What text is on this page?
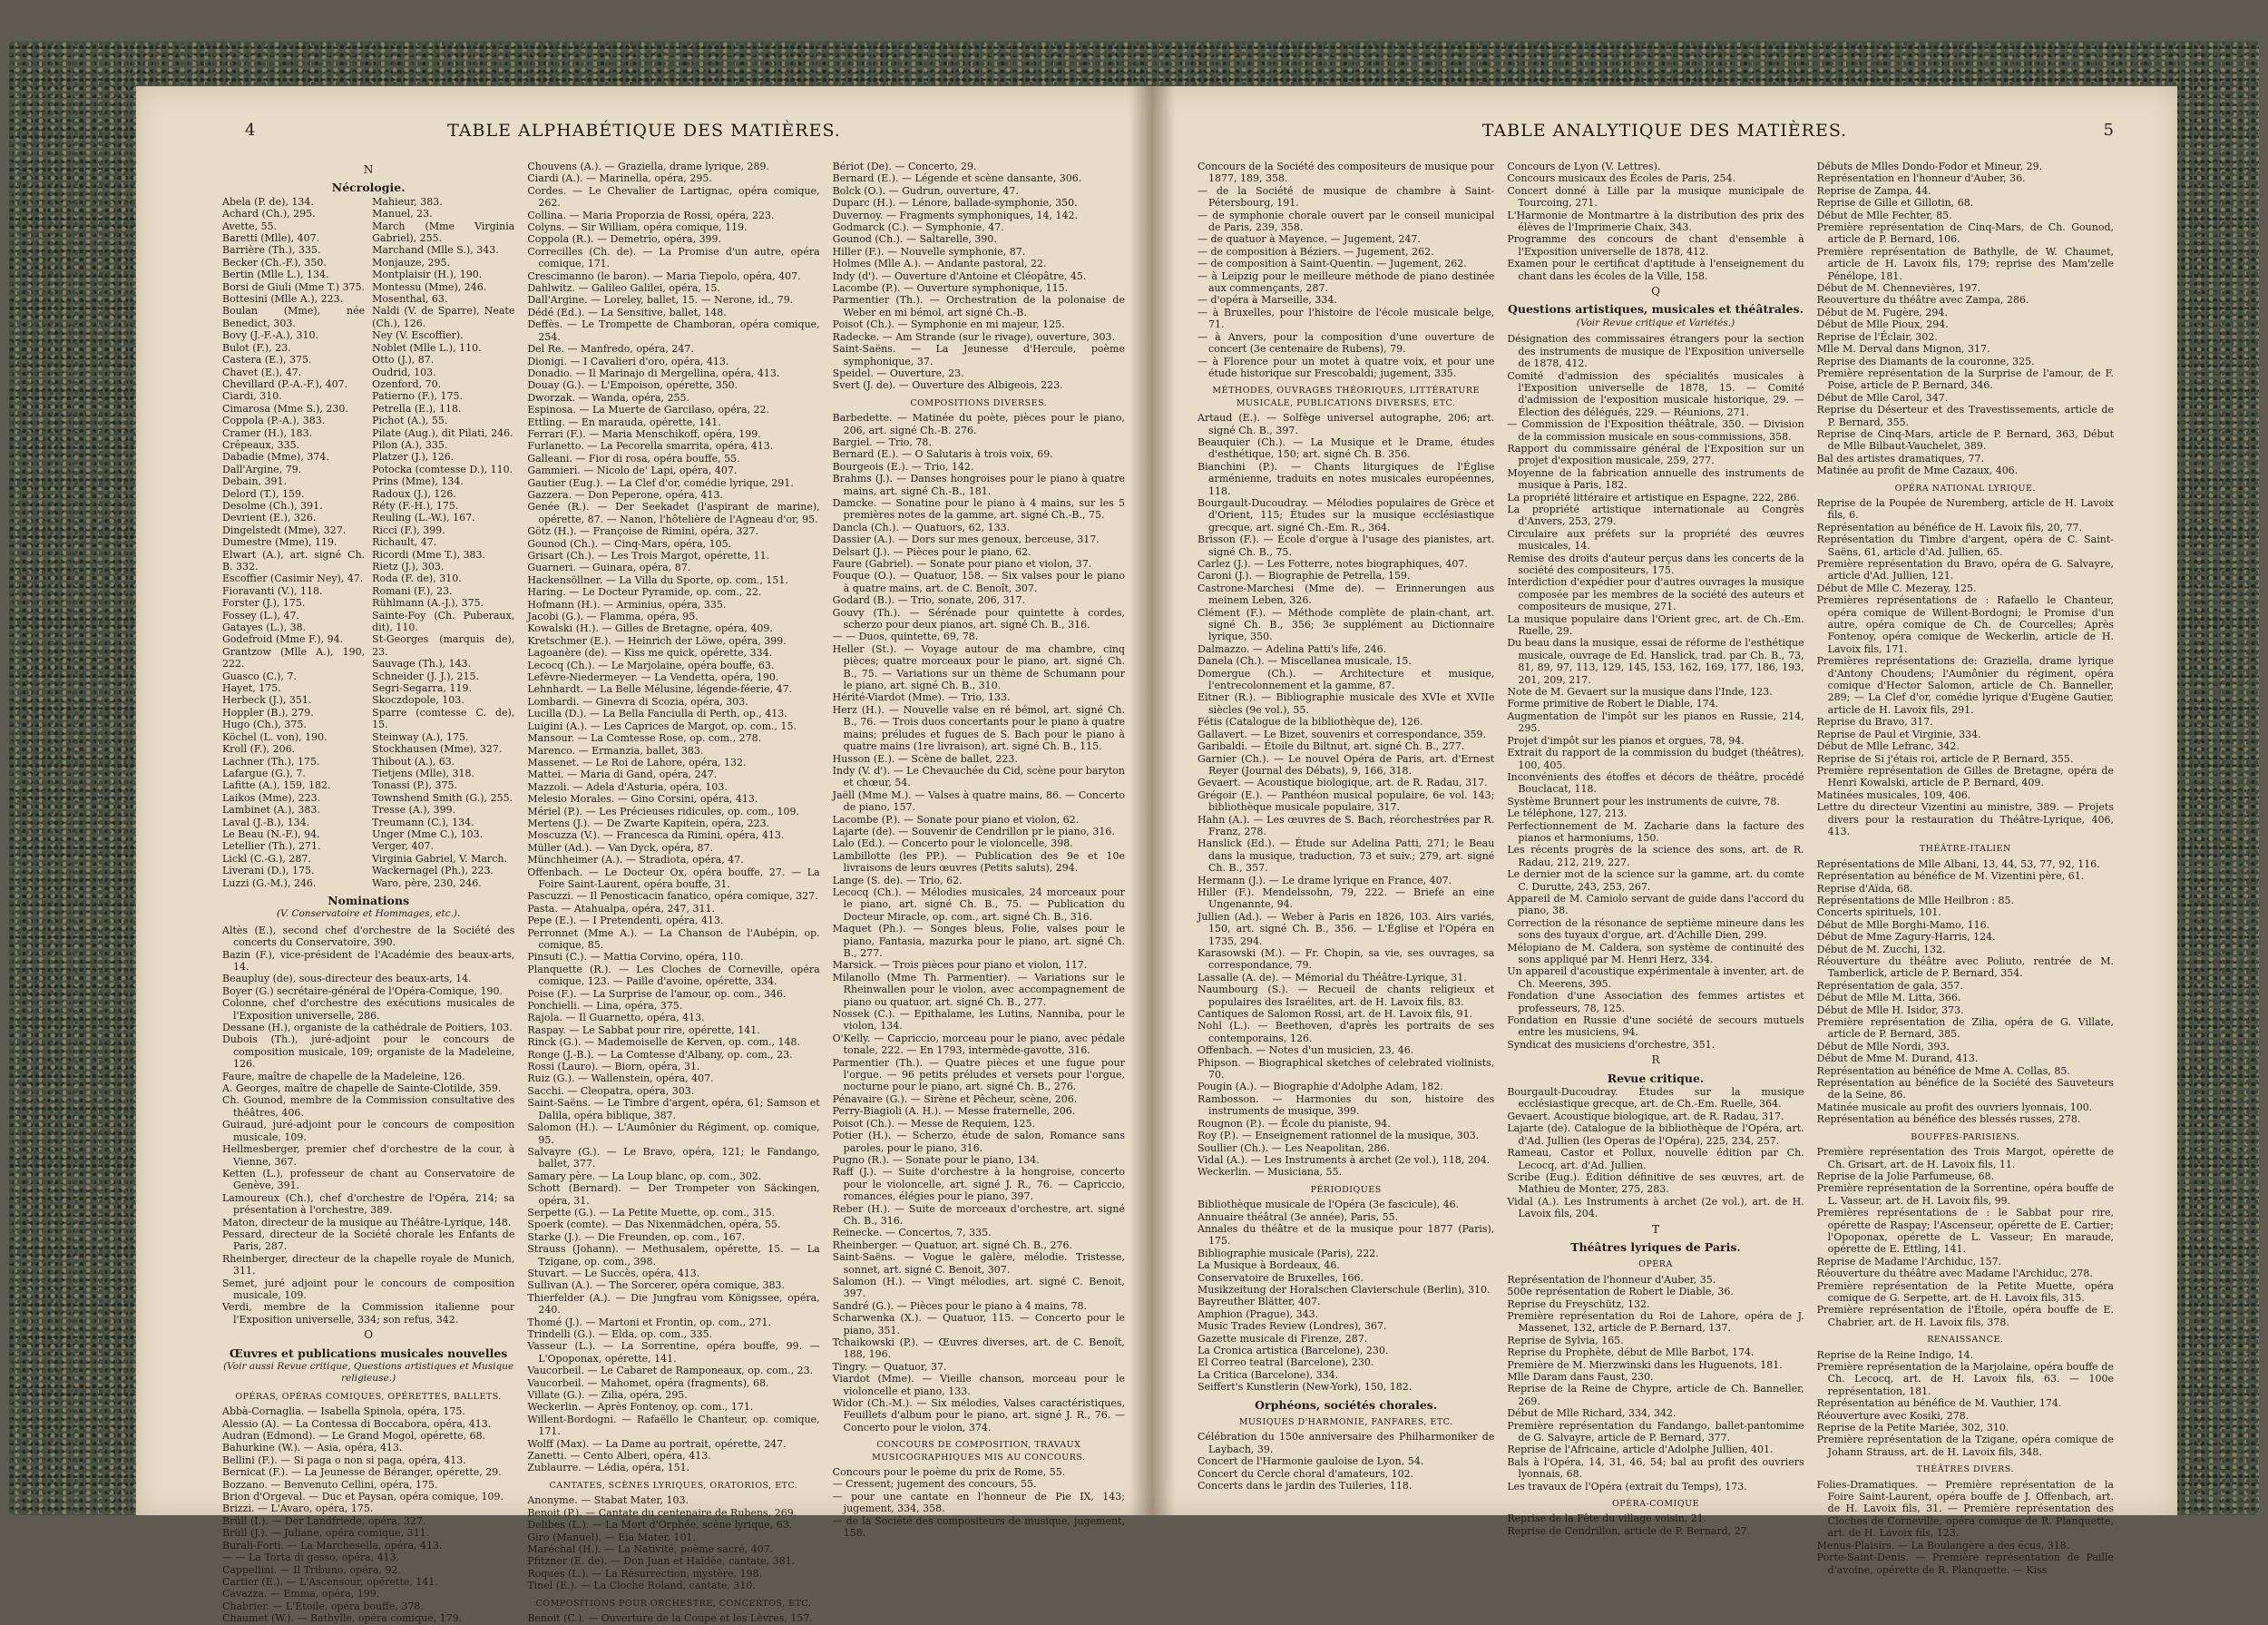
4	TABLE ALPHABÉTIQUE DES MATIÈRES.
N
Nécrologie.

Abela (P. de), 134.

Achard (Ch.), 295.

Avette, 55.

Baretti (Mlle), 407.

Barrière (Th.), 335.

Becker (Ch.-F.), 350.

Bertin (Mlle L.), 134.

Borsi de Giuli (Mme T.) 375.

Bottesini (Mlle A.), 223.

Boulan (Mme), née Benedict, 303.

Bovy (J.-F.-A.), 310.

Bulot (F.), 23.

Castera (E.), 375.

Chavet (E.), 47.

Chevillard (P.-A.-F.), 407.

Ciardi, 310.

Cimarosa (Mme S.), 230.

Coppola (P.-A.), 383.

Cramer (H.), 183.

Crépeaux, 335.

Dabadie (Mme), 374.

Dall'Argine, 79.

Debain, 391.

Delord (T.), 159.

Desolme (Ch.), 391.

Devrient (E.), 326.

Dingelstedt (Mme), 327.

Dumestre (Mme), 119.

Elwart (A.), art. signé Ch. B. 332.

Escoffier (Casimir Ney), 47.

Fioravanti (V.), 118.

Forster (J.), 175.

Fossey (L.), 47.

Gatayes (L.), 38.

Godefroid (Mme F.), 94.

Grantzow (Mlle A.), 190, 222.

Guasco (C.), 7.

Hayet, 175.

Herbeck (J.), 351.

Hoppler (B.), 279.

Hugo (Ch.), 375.

Köchel (L. von), 190.

Kroll (F.), 206.

Lachner (Th.), 175.

Lafargue (G.), 7.

Lafitte (A.), 159, 182.

Laikos (Mme), 223.

Lambinet (A.), 383.

Laval (J.-B.), 134.

Le Beau (N.-F.), 94.

Letellier (Th.), 271.

Lickl (C.-G.), 287.

Liverani (D.), 175.

Luzzi (G.-M.), 246.

Mahieur, 383.

Manuel, 23.

March (Mme Virginia Gabriel), 255.

Marchand (Mlle S.), 343.

Monjauze, 295.

Montplaisir (H.), 190.

Montessu (Mme), 246.

Mosenthal, 63.

Naldi (V. de Sparre), Neate (Ch.), 126.

Ney (V. Escoffier).

Noblet (Mlle L.), 110.

Otto (J.), 87.

Oudrid, 103.

Ozenford, 70.

Patierno (F.), 175.

Petrella (E.), 118.

Pichot (A.), 55.

Pilate (Aug.), dit Pilati, 246.

Pilon (A.), 335.

Platzer (J.), 126.

Potocka (comtesse D.), 110.

Prins (Mme), 134.

Radoux (J.), 126.

Réty (F.-H.), 175.

Reuling (L.-W.), 167.

Ricci (F.), 399.

Richault, 47.

Ricordi (Mme T.), 383.

Rietz (J.), 303.

Roda (F. de), 310.

Romani (F.), 23.

Rühlmann (A.-J.), 375.

Sainte-Foy (Ch. Puberaux, dit), 110.

St-Georges (marquis de), 23.

Sauvage (Th.), 143.

Schneider (J. J.), 215.

Segri-Segarra, 119.

Skoczdopole, 103.

Sparre (comtesse C. de), 15.

Steinway (A.), 175.

Stockhausen (Mme), 327.

Thibout (A.), 63.

Tietjens (Mlle), 318.

Tonassi (P.), 375.

Townshend Smith (G.), 255.

Tresse (A.), 399.

Treumann (C.), 134.

Unger (Mme C.), 103.

Verger, 407.

Virginia Gabriel, V. March.

Wackernagel (Ph.), 223.

Waro, père, 230, 246.

Nominations
(V. Conservatoire et Hommages, etc.).

Altès (E.), second chef d'orchestre de la Société des concerts du Conservatoire, 390.

Bazin (F.), vice-président de l'Académie des beaux-arts, 14.

Beaupluy (de), sous-directeur des beaux-arts, 14.

Boyer (G.) secrétaire-général de l'Opéra-Comique, 190.

Colonne, chef d'orchestre des exécutions musicales de l'Exposition universelle, 286.

Dessane (H.), organiste de la cathédrale de Poitiers, 103.

Dubois (Th.), juré-adjoint pour le concours de composition musicale, 109; organiste de la Madeleine, 126.

Faure, maître de chapelle de la Madeleine, 126.

A. Georges, maître de chapelle de Sainte-Clotilde, 359.

Ch. Gounod, membre de la Commission consultative des théâtres, 406.

Guiraud, juré-adjoint pour le concours de composition musicale, 109.

Hellmesberger, premier chef d'orchestre de la cour, à Vienne, 367.

Ketten (L.), professeur de chant au Conservatoire de Genève, 391.

Lamoureux (Ch.), chef d'orchestre de l'Opéra, 214; sa présentation à l'orchestre, 389.

Maton, directeur de la musique au Théâtre-Lyrique, 148.

Pessard, directeur de la Société chorale les Enfants de Paris, 287.

Rheinberger, directeur de la chapelle royale de Munich, 311.

Semet, juré adjoint pour le concours de composition musicale, 109.

Verdi, membre de la Commission italienne pour l'Exposition universelle, 334; son refus, 342.

O
Œuvres et publications musicales nouvelles
(Voir aussi Revue critique, Questions artistiques et Musique religieuse.)
OPÉRAS, OPÉRAS COMIQUES, OPÉRETTES, BALLETS.

Abbà-Cornaglia. — Isabella Spinola, opéra, 175.

Alessio (A). — La Contessa di Boccabora, opéra, 413.

Audran (Edmond). — Le Grand Mogol, opérette, 68.

Bahurkine (W.). — Asia, opéra, 413.

Bellini (F.). — Si paga o non si paga, opéra, 413.

Bernicat (F.). — La Jeunesse de Béranger, opérette, 29.

Bozzano. — Benvenuto Cellini, opéra, 175.

Brion d'Orgeval. — Duc et Paysan, opéra comique, 109.

Brizzi. — L'Avaro, opéra, 175.

Brüll (I.). — Der Landfriede, opéra, 327.

Brüll (J.). — Juliane, opéra comique, 311.

Burali-Forti. — La Marchesella, opéra, 413.

— — La Torta di gesso, opéra, 413.

Cappellini. — Il Tribuno, opéra, 92.

Cartier (E.). — L'Ascensour, opérette, 141.

Cavazza. — Emma, opéra, 199.

Chabrier. — L'Étoile, opéra bouffe, 378.

Chaumet (W.). — Bathylle, opéra comique, 179.

Chouvens (A.). — Graziella, drame lyrique, 289.

Ciardi (A.). — Marinella, opéra, 295.

Cordes. — Le Chevalier de Lartignac, opéra comique, 262.

Collina. — Maria Proporzia de Rossi, opéra, 223.

Colyns. — Sir William, opéra comique, 119.

Coppola (R.). — Demetrio, opéra, 399.

Correcilles (Ch. de). — La Promise d'un autre, opéra comique, 171.

Crescimanno (le baron). — Maria Tiepolo, opéra, 407.

Dahlwitz. — Galileo Galilei, opéra, 15.

Dall'Argine. — Loreley, ballet, 15. — Nerone, id., 79.

Dédé (Ed.). — La Sensitive, ballet, 148.

Deffès. — Le Trompette de Chamboran, opéra comique, 254.

Del Re. — Manfredo, opéra, 247.

Dionigi. — I Cavalieri d'oro, opéra, 413.

Donadio. — Il Marinajo di Mergellina, opéra, 413.

Douay (G.). — L'Empoison, opérette, 350.

Dworzak. — Wanda, opéra, 255.

Espinosa. — La Muerte de Garcilaso, opéra, 22.

Ettling. — En marauda, opérette, 141.

Ferrari (F.). — Maria Menschikoff, opéra, 199.

Furlanetto. — La Pecorella smarrita, opéra, 413.

Galleani. — Fior di rosa, opéra bouffe, 55.

Gammieri. — Nicolo de' Lapi, opéra, 407.

Gautier (Eug.). — La Clef d'or, comédie lyrique, 291.

Gazzera. — Don Peperone, opéra, 413.

Genée (R.). — Der Seekadet (l'aspirant de marine), opérette, 87. — Nanon, l'hôtelière de l'Agneau d'or, 95.

Götz (H.). — Françoise de Rimini, opéra, 327.

Gounod (Ch.). — Cinq-Mars, opéra, 105.

Grisart (Ch.). — Les Trois Margot, opérette, 11.

Guarneri. — Guinara, opéra, 87.

Hackensöllner. — La Villa du Sporte, op. com., 151.

Haring. — Le Docteur Pyramide, op. com., 22.

Hofmann (H.). — Arminius, opéra, 335.

Jacobi (G.). — Flamma, opéra, 95.

Kowalski (H.). — Gilles de Bretagne, opéra, 409.

Kretschmer (E.). — Heinrich der Löwe, opéra, 399.

Lagoanère (de). — Kiss me quick, opérette, 334.

Lecocq (Ch.). — Le Marjolaine, opéra bouffe, 63.

Lefèvre-Niedermeyer. — La Vendetta, opéra, 190.

Lehnhardt. — La Belle Mélusine, légende-féerie, 47.

Lombardi. — Ginevra di Scozia, opéra, 303.

Lucilla (D.). — La Bella Fanciulla di Perth, op., 413.

Luigini (A.). — Les Caprices de Margot, op. com., 15.

Mansour. — La Comtesse Rose, op. com., 278.

Marenco. — Ermanzia, ballet, 383.

Massenet. — Le Roi de Lahore, opéra, 132.

Mattei. — Maria di Gand, opéra, 247.

Mazzoli. — Adela d'Asturia, opéra, 103.

Melesio Morales. — Gino Corsini, opéra, 413.

Mériel (P.). — Les Précieuses ridicules, op. com., 109.

Mertens (J.). — De Zwarte Kapitein, opéra, 223.

Moscuzza (V.). — Francesca da Rimini, opéra, 413.

Müller (Ad.). — Van Dyck, opéra, 87.

Münchheimer (A.). — Stradiota, opéra, 47.

Offenbach. — Le Docteur Ox, opéra bouffe, 27. — La Foire Saint-Laurent, opéra bouffe, 31.

Pascuzzi. — Il Penosticacin fanatico, opéra comique, 327.

Pasta. — Atahualpa, opéra, 247, 311.

Pepe (E.). — I Pretendenti, opéra, 413.

Perronnet (Mme A.). — La Chanson de l'Aubépin, op. comique, 85.

Pinsuti (C.). — Mattia Corvino, opéra, 110.

Planquette (R.). — Les Cloches de Corneville, opéra comique, 123. — Paille d'avoine, opérette, 334.

Poise (F.). — La Surprise de l'amour, op. com., 346.

Ponchielli. — Lina, opéra, 375.

Rajola. — Il Guarnetto, opéra, 413.

Raspay. — Le Sabbat pour rire, opérette, 141.

Rinck (G.). — Mademoiselle de Kerven, op. com., 148.

Ronge (J.-B.). — La Comtesse d'Albany, op. com., 23.

Rossi (Lauro). — Biorn, opéra, 31.

Ruiz (G.). — Wallenstein, opéra, 407.

Sacchi. — Cleopatra, opéra, 303.

Saint-Saëns. — Le Timbre d'argent, opéra, 61; Samson et Dalila, opéra biblique, 387.

Salomon (H.). — L'Aumônier du Régiment, op. comique, 95.

Salvayre (G.). — Le Bravo, opéra, 121; le Fandango, ballet, 377.

Samary père. — La Loup blanc, op. com., 302.

Schott (Bernard). — Der Trompeter von Säckingen, opéra, 31.

Serpette (G.). — La Petite Muette, op. com., 315.

Spoerk (comte). — Das Nixenmädchen, opéra, 55.

Starke (J.). — Die Freunden, op. com., 167.

Strauss (Johann). — Methusalem, opérette, 15. — La Tzigane, op. com., 398.

Stuvart. — Le Succès, opéra, 413.

Sullivan (A.). — The Sorcerer, opéra comique, 383.

Thierfelder (A.). — Die Jungfrau vom Königssee, opéra, 240.

Thomé (J.). — Martoni et Frontin, op. com., 271.

Trindelli (G.). — Elda, op. com., 335.

Vasseur (L.). — La Sorrentine, opéra bouffe, 99. — L'Opoponax, opérette, 141.

Vaucorbeil. — Le Cabaret de Ramponeaux, op. com., 23.

Vaucorbeil. — Mahomet, opéra (fragments), 68.

Villate (G.). — Zilia, opéra, 295.

Weckerlin. — Après Fontenoy, op. com., 171.

Willent-Bordogni. — Rafaëllo le Chanteur, op. comique, 171.

Wolff (Max). — La Dame au portrait, opérette, 247.

Zanetti. — Cento Alberi, opéra, 413.

Zublaurre. — Lédia, opéra, 151.

CANTATES, SCÈNES LYRIQUES, ORATORIOS, ETC.

Anonyme. — Stabat Mater, 103.

Benoit (P.). — Cantate du centenaire de Rubens, 269.

Delibes (L.). — La Mort d'Orphée, scène lyrique, 63.

Giro (Manuel). — Eia Mater, 101.

Maréchal (H.). — La Nativité, poème sacré, 407.

Pfitzner (E. de). — Don Juan et Haïdée, cantate, 381.

Roques (L.). — La Résurrection, mystère, 198.

Tinel (E.). — La Cloche Roland, cantate, 310.

COMPOSITIONS POUR ORCHESTRE, CONCERTOS, ETC.

Benoit (C.). — Ouverture de la Coupe et les Lèvres, 157.

Bériot (De). — Concerto, 29.

Bernard (E.). — Légende et scène dansante, 306.

Bolck (O.). — Gudrun, ouverture, 47.

Duparc (H.). — Lénore, ballade-symphonie, 350.

Duvernoy. — Fragments symphoniques, 14, 142.

Godmarck (C.). — Symphonie, 47.

Gounod (Ch.). — Saltarelle, 390.

Hiller (F.). — Nouvelle symphonie, 87.

Holmes (Mlle A.). — Andante pastoral, 22.

Indy (d'). — Ouverture d'Antoine et Cléopâtre, 45.

Lacombe (P.). — Ouverture symphonique, 115.

Parmentier (Th.). — Orchestration de la polonaise de Weber en mi bémol, art signé Ch.-B.

Poisot (Ch.). — Symphonie en mi majeur, 125.

Radecke. — Am Strande (sur le rivage), ouverture, 303.

Saint-Saëns. — La Jeunesse d'Hercule, poème symphonique, 37.

Speidel. — Ouverture, 23.

Svert (J. de). — Ouverture des Albigeois, 223.

COMPOSITIONS DIVERSES.

Barbedette. — Matinée du poète, pièces pour le piano, 206, art. signé Ch.-B. 276.

Bargiel. — Trio, 78.

Bernard (E.). — O Salutaris à trois voix, 69.

Bourgeois (E.). — Trio, 142.

Brahms (J.). — Danses hongroises pour le piano à quatre mains, art. signé Ch.-B., 181.

Damcke. — Sonatine pour le piano à 4 mains, sur les 5 premières notes de la gamme, art. signé Ch.-B., 75.

Dancla (Ch.). — Quatuors, 62, 133.

Dassier (A.). — Dors sur mes genoux, berceuse, 317.

Delsart (J.). — Pièces pour le piano, 62.

Faure (Gabriel). — Sonate pour piano et violon, 37.

Fouque (O.). — Quatuor, 158. — Six valses pour le piano à quatre mains, art. de C. Benoît, 307.

Godard (B.). — Trio, sonate, 206, 317.

Gouvy (Th.). — Sérénade pour quintette à cordes, scherzo pour deux pianos, art. signé Ch. B., 316.

— — Duos, quintette, 69, 78.

Heller (St.). — Voyage autour de ma chambre, cinq pièces; quatre morceaux pour le piano, art. signé Ch. B., 75. — Variations sur un thème de Schumann pour le piano, art. signé Ch. B., 310.

Hérité-Viardot (Mme). — Trio, 133.

Herz (H.). — Nouvelle valse en ré bémol, art. signé Ch. B., 76. — Trois duos concertants pour le piano à quatre mains; préludes et fugues de S. Bach pour le piano à quatre mains (1re livraison), art. signé Ch. B., 115.

Husson (E.). — Scène de ballet, 223.

Indy (V. d'). — Le Chevauchée du Cid, scène pour baryton et chœur, 54.

Jaëll (Mme M.). — Valses à quatre mains, 86. — Concerto de piano, 157.

Lacombe (P.). — Sonate pour piano et violon, 62.

Lajarte (de). — Souvenir de Cendrillon pr le piano, 316.

Lalo (Ed.). — Concerto pour le violoncelle, 398.

Lambillotte (les PP.). — Publication des 9e et 10e livraisons de leurs œuvres (Petits saluts), 294.

Lange (S. de). — Trio, 62.

Lecocq (Ch.). — Mélodies musicales, 24 morceaux pour le piano, art. signé Ch. B., 75. — Publication du Docteur Miracle, op. com., art. signé Ch. B., 316.

Maquet (Ph.). — Songes bleus, Folie, valses pour le piano, Fantasia, mazurka pour le piano, art. signé Ch. B., 277.

Marsick. — Trois pièces pour piano et violon, 117.

Milanollo (Mme Th. Parmentier). — Variations sur le Rheinwallen pour le violon, avec accompagnement de piano ou quatuor, art. signé Ch. B., 277.

Nossek (C.). — Epithalame, les Lutins, Nanniba, pour le violon, 134.

O'Kelly. — Capriccio, morceau pour le piano, avec pédale tonale, 222. — En 1793, intermède-gavotte, 316.

Parmentier (Th.). — Quatre pièces et une fugue pour l'orgue. — 96 petits préludes et versets pour l'orgue, nocturne pour le piano, art. signé Ch. B., 276.

Pénavaire (G.). — Sirène et Pêcheur, scène, 206.

Perry-Biagioli (A. H.). — Messe fraternelle, 206.

Poisot (Ch.). — Messe de Requiem, 125.

Potier (H.). — Scherzo, étude de salon, Romance sans paroles, pour le piano, 316.

Pugno (R.). — Sonate pour le piano, 134.

Raff (J.). — Suite d'orchestre à la hongroise, concerto pour le violoncelle, art. signé J. R., 76. — Capriccio, romances, élégies pour le piano, 397.

Reber (H.). — Suite de morceaux d'orchestre, art. signé Ch. B., 316.

Reinecke. — Concertos, 7, 335.

Rheinberger. — Quatuor, art. signé Ch. B., 276.

Saint-Saëns. — Vogue le galère, mélodie. Tristesse, sonnet, art. signé C. Benoit, 307.

Salomon (H.). — Vingt mélodies, art. signé C. Benoit, 397.

Sandré (G.). — Pièces pour le piano à 4 mains, 78.

Scharwenka (X.). — Quatuor, 115. — Concerto pour le piano, 351.

Tchaikowski (P.). — Œuvres diverses, art. de C. Benoît, 188, 196.

Tingry. — Quatuor, 37.

Viardot (Mme). — Vieille chanson, morceau pour le violoncelle et piano, 133.

Widor (Ch.-M.). — Six mélodies, Valses caractéristiques, Feuillets d'album pour le piano, art. signé J. R., 76. — Concerto pour le violon, 374.

CONCOURS DE COMPOSITION, TRAVAUX MUSICOGRAPHIQUES MIS AU CONCOURS.

Concours pour le poème du prix de Rome, 55.

— Cressent; jugement des concours, 55.

— pour une cantate en l'honneur de Pie IX, 143; jugement, 334, 358.

— de la Société des compositeurs de musique, jugement, 158.

5
TABLE ANALYTIQUE DES MATIÈRES.

Concours de la Société des compositeurs de musique pour 1877, 189, 358.

— de la Société de musique de chambre à Saint-Pétersbourg, 191.

— de symphonie chorale ouvert par le conseil municipal de Paris, 239, 358.

— de quatuor à Mayence. — Jugement, 247.

— de composition à Béziers. — Jugement, 262.

— de composition à Saint-Quentin. — Jugement, 262.

— à Leipzig pour le meilleure méthode de piano destinée aux commençants, 287.

— d'opéra à Marseille, 334.

— à Bruxelles, pour l'histoire de l'école musicale belge, 71.

— à Anvers, pour la composition d'une ouverture de concert (3e centenaire de Rubens), 79.

— à Florence pour un motet à quatre voix, et pour une étude historique sur Frescobaldi; jugement, 335.

MÉTHODES, OUVRAGES THÉORIQUES, LITTÉRATURE MUSICALE, PUBLICATIONS DIVERSES, ETC.

Artaud (E.). — Solfège universel autographe, 206; art. signé Ch. B., 397.

Beauquier (Ch.). — La Musique et le Drame, études d'esthétique, 150; art. signé Ch. B. 356.

Bianchini (P.). — Chants liturgiques de l'Église arménienne, traduits en notes musicales européennes, 118.

Bourgault-Ducoudray. — Mélodies populaires de Grèce et d'Orient, 115; Études sur la musique ecclésiastique grecque, art. signé Ch.-Em. R., 364.

Brisson (F.). — École d'orgue à l'usage des pianistes, art. signé Ch. B., 75.

Carlez (J.). — Les Fotterre, notes biographiques, 407.

Caroni (J.). — Biographie de Petrella, 159.

Castrone-Marchesi (Mme de). — Erinnerungen aus meinem Leben, 326.

Clément (F.). — Méthode complète de plain-chant, art. signé Ch. B., 356; 3e supplément au Dictionnaire lyrique, 350.

Dalmazzo. — Adelina Patti's life, 246.

Danela (Ch.). — Miscellanea musicale, 15.

Domergue (Ch.). — Architecture et musique, l'entrecolonnement et la gamme, 87.

Eitner (R.). — Bibliographie musicale des XVIe et XVIIe siècles (9e vol.), 55.

Fétis (Catalogue de la bibliothèque de), 126.

Gallavert. — Le Bizet, souvenirs et correspondance, 359.

Garibaldi. — Étoile du Biltnut, art. signé Ch. B., 277.

Garnier (Ch.). — Le nouvel Opéra de Paris, art. d'Ernest Reyer (Journal des Débats), 9, 166, 318.

Gevaert. — Acoustique biologique, art. de R. Radau, 317.

Grégoir (E.). — Panthéon musical populaire, 6e vol. 143; bibliothèque musicale populaire, 317.

Hahn (A.). — Les œuvres de S. Bach, réorchestrées par R. Franz, 278.

Hanslick (Ed.). — Étude sur Adelina Patti, 271; le Beau dans la musique, traduction, 73 et suiv.; 279, art. signé Ch. B., 357.

Hermann (J.). — Le drame lyrique en France, 407.

Hiller (F.). Mendelssohn, 79, 222. — Briefe an eine Ungenannte, 94.

Jullien (Ad.). — Weber à Paris en 1826, 103. Airs variés, 150, art. signé Ch. B., 356. — L'Église et l'Opéra en 1735, 294.

Karasowski (M.). — Fr. Chopin, sa vie, ses ouvrages, sa correspondance, 79.

Lassalle (A. de). — Mémorial du Théâtre-Lyrique, 31.

Naumbourg (S.). — Recueil de chants religieux et populaires des Israélites, art. de H. Lavoix fils, 83.

Cantiques de Salomon Rossi, art. de H. Lavoix fils, 91.

Nohl (L.). — Beethoven, d'après les portraits de ses contemporains, 126.

Offenbach. — Notes d'un musicien, 23, 46.

Phipson. — Biographical sketches of celebrated violinists, 70.

Pougin (A.). — Biographie d'Adolphe Adam, 182.

Rambosson. — Harmonies du son, histoire des instruments de musique, 399.

Rougnon (P.). — École du pianiste, 94.

Roy (P.). — Enseignement rationnel de la musique, 303.

Soullier (Ch.). — Les Neapolitan, 286.

Vidal (A.). — Les Instruments à archet (2e vol.), 118, 204.

Weckerlin. — Musiciana, 55.

PÉRIODIQUES

Bibliothèque musicale de l'Opéra (3e fascicule), 46.

Annuaire théâtral (3e année), Paris, 55.

Annales du théâtre et de la musique pour 1877 (Paris), 175.

Bibliographie musicale (Paris), 222.

La Musique à Bordeaux, 46.

Conservatoire de Bruxelles, 166.

Musikzeitung der Horalschen Clavierschule (Berlin), 310.

Bayreuther Blätter, 407.

Amphion (Prague), 343.

Music Trades Review (Londres), 367.

Gazette musicale di Firenze, 287.

La Cronica artistica (Barcelone), 230.

El Correo teatral (Barcelone), 230.

La Critica (Barcelone), 334.

Seiffert's Kunstlerin (New-York), 150, 182.

Orphéons, sociétés chorales.
MUSIQUES D'HARMONIE, FANFARES, ETC.

Célébration du 150e anniversaire des Philharmoniker de Laybach, 39.

Concert de l'Harmonie gauloise de Lyon, 54.

Concert du Cercle choral d'amateurs, 102.

Concerts dans le jardin des Tuileries, 118.

Concours de Lyon (V. Lettres).

Concours musicaux des Écoles de Paris, 254.

Concert donné à Lille par la musique municipale de Tourcoing, 271.

L'Harmonie de Montmartre à la distribution des prix des élèves de l'Imprimerie Chaix, 343.

Programme des concours de chant d'ensemble à l'Exposition universelle de 1878, 412.

Examen pour le certificat d'aptitude à l'enseignement du chant dans les écoles de la Ville, 158.

Q
Questions artistiques, musicales et théâtrales.
(Voir Revue critique et Variétés.)

Désignation des commissaires étrangers pour la section des instruments de musique de l'Exposition universelle de 1878, 412.

Comité d'admission des spécialités musicales à l'Exposition universelle de 1878, 15. — Comité d'admission de l'exposition musicale historique, 29. — Élection des délégués, 229. — Réunions, 271.

— Commission de l'Exposition théâtrale, 350. — Division de la commission musicale en sous-commissions, 358.

Rapport du commissaire général de l'Exposition sur un projet d'exposition musicale, 259, 277.

Moyenne de la fabrication annuelle des instruments de musique à Paris, 182.

La propriété littéraire et artistique en Espagne, 222, 286.

La propriété artistique internationale au Congrès d'Anvers, 253, 279.

Circulaire aux préfets sur la propriété des œuvres musicales, 14.

Remise des droits d'auteur perçus dans les concerts de la société des compositeurs, 175.

Interdiction d'expédier pour d'autres ouvrages la musique composée par les membres de la société des auteurs et compositeurs de musique, 271.

La musique populaire dans l'Orient grec, art. de Ch.-Em. Ruelle, 29.

Du beau dans la musique, essai de réforme de l'esthétique musicale, ouvrage de Ed. Hanslick, trad. par Ch. B., 73, 81, 89, 97, 113, 129, 145, 153, 162, 169, 177, 186, 193, 201, 209, 217.

Note de M. Gevaert sur la musique dans l'Inde, 123.

Forme primitive de Robert le Diable, 174.

Augmentation de l'impôt sur les pianos en Russie, 214, 295.

Projet d'impôt sur les pianos et orgues, 78, 94.

Extrait du rapport de la commission du budget (théâtres), 100, 405.

Inconvénients des étoffes et décors de théâtre, procédé Bouclacat, 118.

Système Brunnert pour les instruments de cuivre, 78.

Le téléphone, 127, 213.

Perfectionnement de M. Zacharie dans la facture des pianos et harmoniums, 150.

Les récents progrès de la science des sons, art. de R. Radau, 212, 219, 227.

Le dernier mot de la science sur la gamme, art. du comte C. Durutte, 243, 253, 267.

Appareil de M. Camiolo servant de guide dans l'accord du piano, 38.

Correction de la résonance de septième mineure dans les sons des tuyaux d'orgue, art. d'Achille Dien, 299.

Mélopiano de M. Caldera, son système de continuité des sons appliqué par M. Henri Herz, 334.

Un appareil d'acoustique expérimentale à inventer, art. de Ch. Meerens, 395.

Fondation d'une Association des femmes artistes et professeurs, 78, 125.

Fondation en Russie d'une société de secours mutuels entre les musiciens, 94.

Syndicat des musiciens d'orchestre, 351.

R
Revue critique.

Bourgault-Ducoudray. Études sur la musique ecclésiastique grecque, art. de Ch.-Em. Ruelle, 364.

Gevaert. Acoustique biologique, art. de R. Radau, 317.

Lajarte (de). Catalogue de la bibliothèque de l'Opéra, art. d'Ad. Jullien (les Operas de l'Opéra), 225, 234, 257.

Rameau, Castor et Pollux, nouvelle édition par Ch. Lecocq, art. d'Ad. Jullien.

Scribe (Eug.). Édition définitive de ses œuvres, art. de Mathieu de Monter, 275, 283.

Vidal (A.). Les Instruments à archet (2e vol.), art. de H. Lavoix fils, 204.

T
Théâtres lyriques de Paris.
OPÉRA

Représentation de l'honneur d'Auber, 35.

500e représentation de Robert le Diable, 36.

Reprise du Freyschütz, 132.

Première représentation du Roi de Lahore, opéra de J. Massenet, 132, article de P. Bernard, 137.

Reprise de Sylvia, 165.

Reprise du Prophète, début de Mlle Barbot, 174.

Première de M. Mierzwinski dans les Huguenots, 181.

Mlle Daram dans Faust, 230.

Reprise de la Reine de Chypre, article de Ch. Banneller, 269.

Début de Mlle Richard, 334, 342.

Première représentation du Fandango, ballet-pantomime de G. Salvayre, article de P. Bernard, 377.

Reprise de l'Africaine, article d'Adolphe Jullien, 401.

Bals à l'Opéra, 14, 31, 46, 54; bal au profit des ouvriers lyonnais, 68.

Les travaux de l'Opéra (extrait du Temps), 173.

OPÉRA-COMIQUE

Reprise de la Fête du village voisin, 21.

Reprise de Cendrillon, article de P. Bernard, 27.

Débuts de Mlles Dondo-Fodor et Mineur, 29.

Représentation en l'honneur d'Auber, 36.

Reprise de Zampa, 44.

Reprise de Gille et Gillotin, 68.

Début de Mlle Fechter, 85.

Première représentation de Cinq-Mars, de Ch. Gounod, article de P. Bernard, 106.

Première représentation de Bathylle, de W. Chaumet, article de H. Lavoix fils, 179; reprise des Mam'zelle Pénélope, 181.

Début de M. Chennevières, 197.

Reouverture du théâtre avec Zampa, 286.

Début de M. Fugère, 294.

Début de Mlle Pioux, 294.

Reprise de l'Éclair, 302.

Mlle M. Derval dans Mignon, 317.

Reprise des Diamants de la couronne, 325.

Première représentation de la Surprise de l'amour, de F. Poise, article de P. Bernard, 346.

Début de Mlle Carol, 347.

Reprise du Déserteur et des Travestissements, article de P. Bernard, 355.

Reprise de Cinq-Mars, article de P. Bernard, 363, Début de Mlle Bilbaut-Vauchelet, 389.

Bal des artistes dramatiques, 77.

Matinée au profit de Mme Cazaux, 406.

OPÉRA NATIONAL LYRIQUE.

Reprise de la Poupée de Nuremberg, article de H. Lavoix fils, 6.

Représentation au bénéfice de H. Lavoix fils, 20, 77.

Représentation du Timbre d'argent, opéra de C. Saint-Saëns, 61, article d'Ad. Jullien, 65.

Première représentation du Bravo, opéra de G. Salvayre, article d'Ad. Jullien, 121.

Début de Mlle C. Mezeray, 125.

Premières représentations de : Rafaello le Chanteur, opéra comique de Willent-Bordogni; le Promise d'un autre, opéra comique de Ch. de Courcelles; Après Fontenoy, opéra comique de Weckerlin, article de H. Lavoix fils, 171.

Premières représentations de: Graziella, drame lyrique d'Antony Choudens; l'Aumônier du régiment, opéra comique d'Hector Salomon, article de Ch. Banneller, 289; — La Clef d'or, comédie lyrique d'Eugène Gautier, article de H. Lavoix fils, 291.

Reprise du Bravo, 317.

Reprise de Paul et Virginie, 334.

Début de Mlle Lefranc, 342.

Reprise de Si j'étais roi, article de P. Bernard, 355.

Première représentation de Gilles de Bretagne, opéra de Henri Kowalski, article de P. Bernard, 409.

Matinées musicales, 109, 406.

Lettre du directeur Vizentini au ministre, 389. — Projets divers pour la restauration du Théâtre-Lyrique, 406, 413.

THÉÂTRE-ITALIEN

Représentations de Mlle Albani, 13, 44, 53, 77, 92, 116.

Représentation au bénéfice de M. Vizentini père, 61.

Reprise d'Aïda, 68.

Représentations de Mlle Heilbron : 85.

Concerts spirituels, 101.

Début de Mlle Borghi-Mamo, 116.

Début de Mme Zagury-Harris, 124.

Début de M. Zucchi, 132.

Réouverture du théâtre avec Poliuto, rentrée de M. Tamberlick, article de P. Bernard, 354.

Représentation de gala, 357.

Début de Mlle M. Litta, 366.

Début de Mlle H. Isidor, 373.

Première représentation de Zilia, opéra de G. Villate, article de P. Bernard, 385.

Début de Mlle Nordi, 393.

Début de Mme M. Durand, 413.

Représentation au bénéfice de Mme A. Collas, 85.

Représentation au bénéfice de la Société des Sauveteurs de la Seine, 86.

Matinée musicale au profit des ouvriers lyonnais, 100.

Représentation au bénéfice des blessés russes, 278.

BOUFFES-PARISIENS.

Première représentation des Trois Margot, opérette de Ch. Grisart, art. de H. Lavoix fils, 11.

Reprise de la Jolie Parfumeuse, 68.

Première représentation de la Sorrentine, opéra bouffe de L. Vasseur, art. de H. Lavoix fils, 99.

Premières représentations de : le Sabbat pour rire, opérette de Raspay; l'Ascenseur, opérette de E. Cartier; l'Opoponax, opérette de L. Vasseur; En maraude, opérette de E. Ettling, 141.

Reprise de Madame l'Archiduc, 157.

Réouverture du théâtre avec Madame l'Archiduc, 278.

Première représentation de la Petite Muette, opéra comique de G. Serpette, art. de H. Lavoix fils, 315.

Première représentation de l'Étoile, opéra bouffe de E. Chabrier, art. de H. Lavoix fils, 378.

RENAISSANCE.

Reprise de la Reine Indigo, 14.

Première représentation de la Marjolaine, opéra bouffe de Ch. Lecocq, art. de H. Lavoix fils, 63. — 100e représentation, 181.

Représentation au bénéfice de M. Vauthier, 174.

Réouverture avec Kosiki, 278.

Reprise de la Petite Mariée, 302, 310.

Première représentation de la Tzigane, opéra comique de Johann Strauss, art. de H. Lavoix fils, 348.

THÉÂTRES DIVERS.

Folies-Dramatiques. — Première représentation de la Foire Saint-Laurent, opéra bouffe de J. Offenbach, art. de H. Lavoix fils, 31. — Première représentation des Cloches de Corneville, opéra comique de R. Planquette, art. de H. Lavoix fils, 123.

Menus-Plaisirs. — La Boulangère a des écus, 318.

Porte-Saint-Denis. — Première représentation de Paille d'avoine, opérette de R. Planquette. — Kiss
